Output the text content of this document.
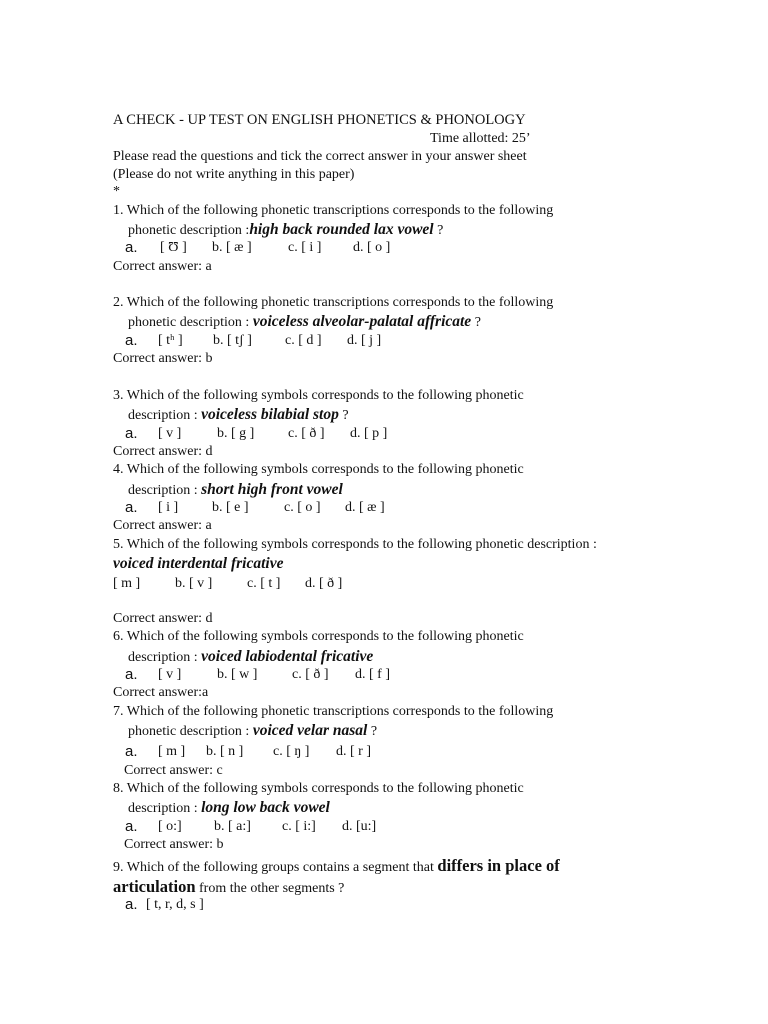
A CHECK - UP TEST ON ENGLISH PHONETICS & PHONOLOGY
Time allotted: 25’
Please read the questions and tick the correct answer in your answer sheet
(Please do not write anything in this paper)
*
1. Which of the following phonetic transcriptions corresponds to the following
phonetic description :high back rounded lax vowel ?
a. [ Ʊ ] b. [ æ ]	c. [ i ] d. [ o ]
Correct answer: a
2. Which of the following phonetic transcriptions corresponds to the following
phonetic description : voiceless alveolar-palatal affricate ?
a. [ tʰ ] b. [ tʃ ] c. [ d ] d. [ j ]
Correct answer: b
3. Which of the following symbols corresponds to the following phonetic
description : voiceless bilabial stop ?
a. [ v ]	b. [ g ] c. [ ð ] d. [ p ]
Correct answer: d
4. Which of the following symbols corresponds to the following phonetic
description : short high front vowel
a. [ i ] b. [ e ]	c. [ o ] d. [ æ ]
Correct answer: a
5. Which of the following symbols corresponds to the following phonetic description :
voiced interdental fricative
[ m ] b. [ v ] c. [ t ] d. [ ð ]
Correct answer: d
6. Which of the following symbols corresponds to the following phonetic
description : voiced labiodental fricative
a. [ v ]	b. [ w ] c. [ ð ] d. [ f ]
Correct answer:a
7. Which of the following phonetic transcriptions corresponds to the following
phonetic description : voiced velar nasal ?
a. [ m ] b. [ n ] c. [ ŋ ] d. [ r ]
Correct answer: c
8. Which of the following symbols corresponds to the following phonetic
description : long low back vowel
a. [ o:] b. [ a:] c. [ i:] d. [u:]
Correct answer: b
9. Which of the following groups contains a segment that differs in place of
articulation from the other segments ?
a. [ t, r, d, s ]
